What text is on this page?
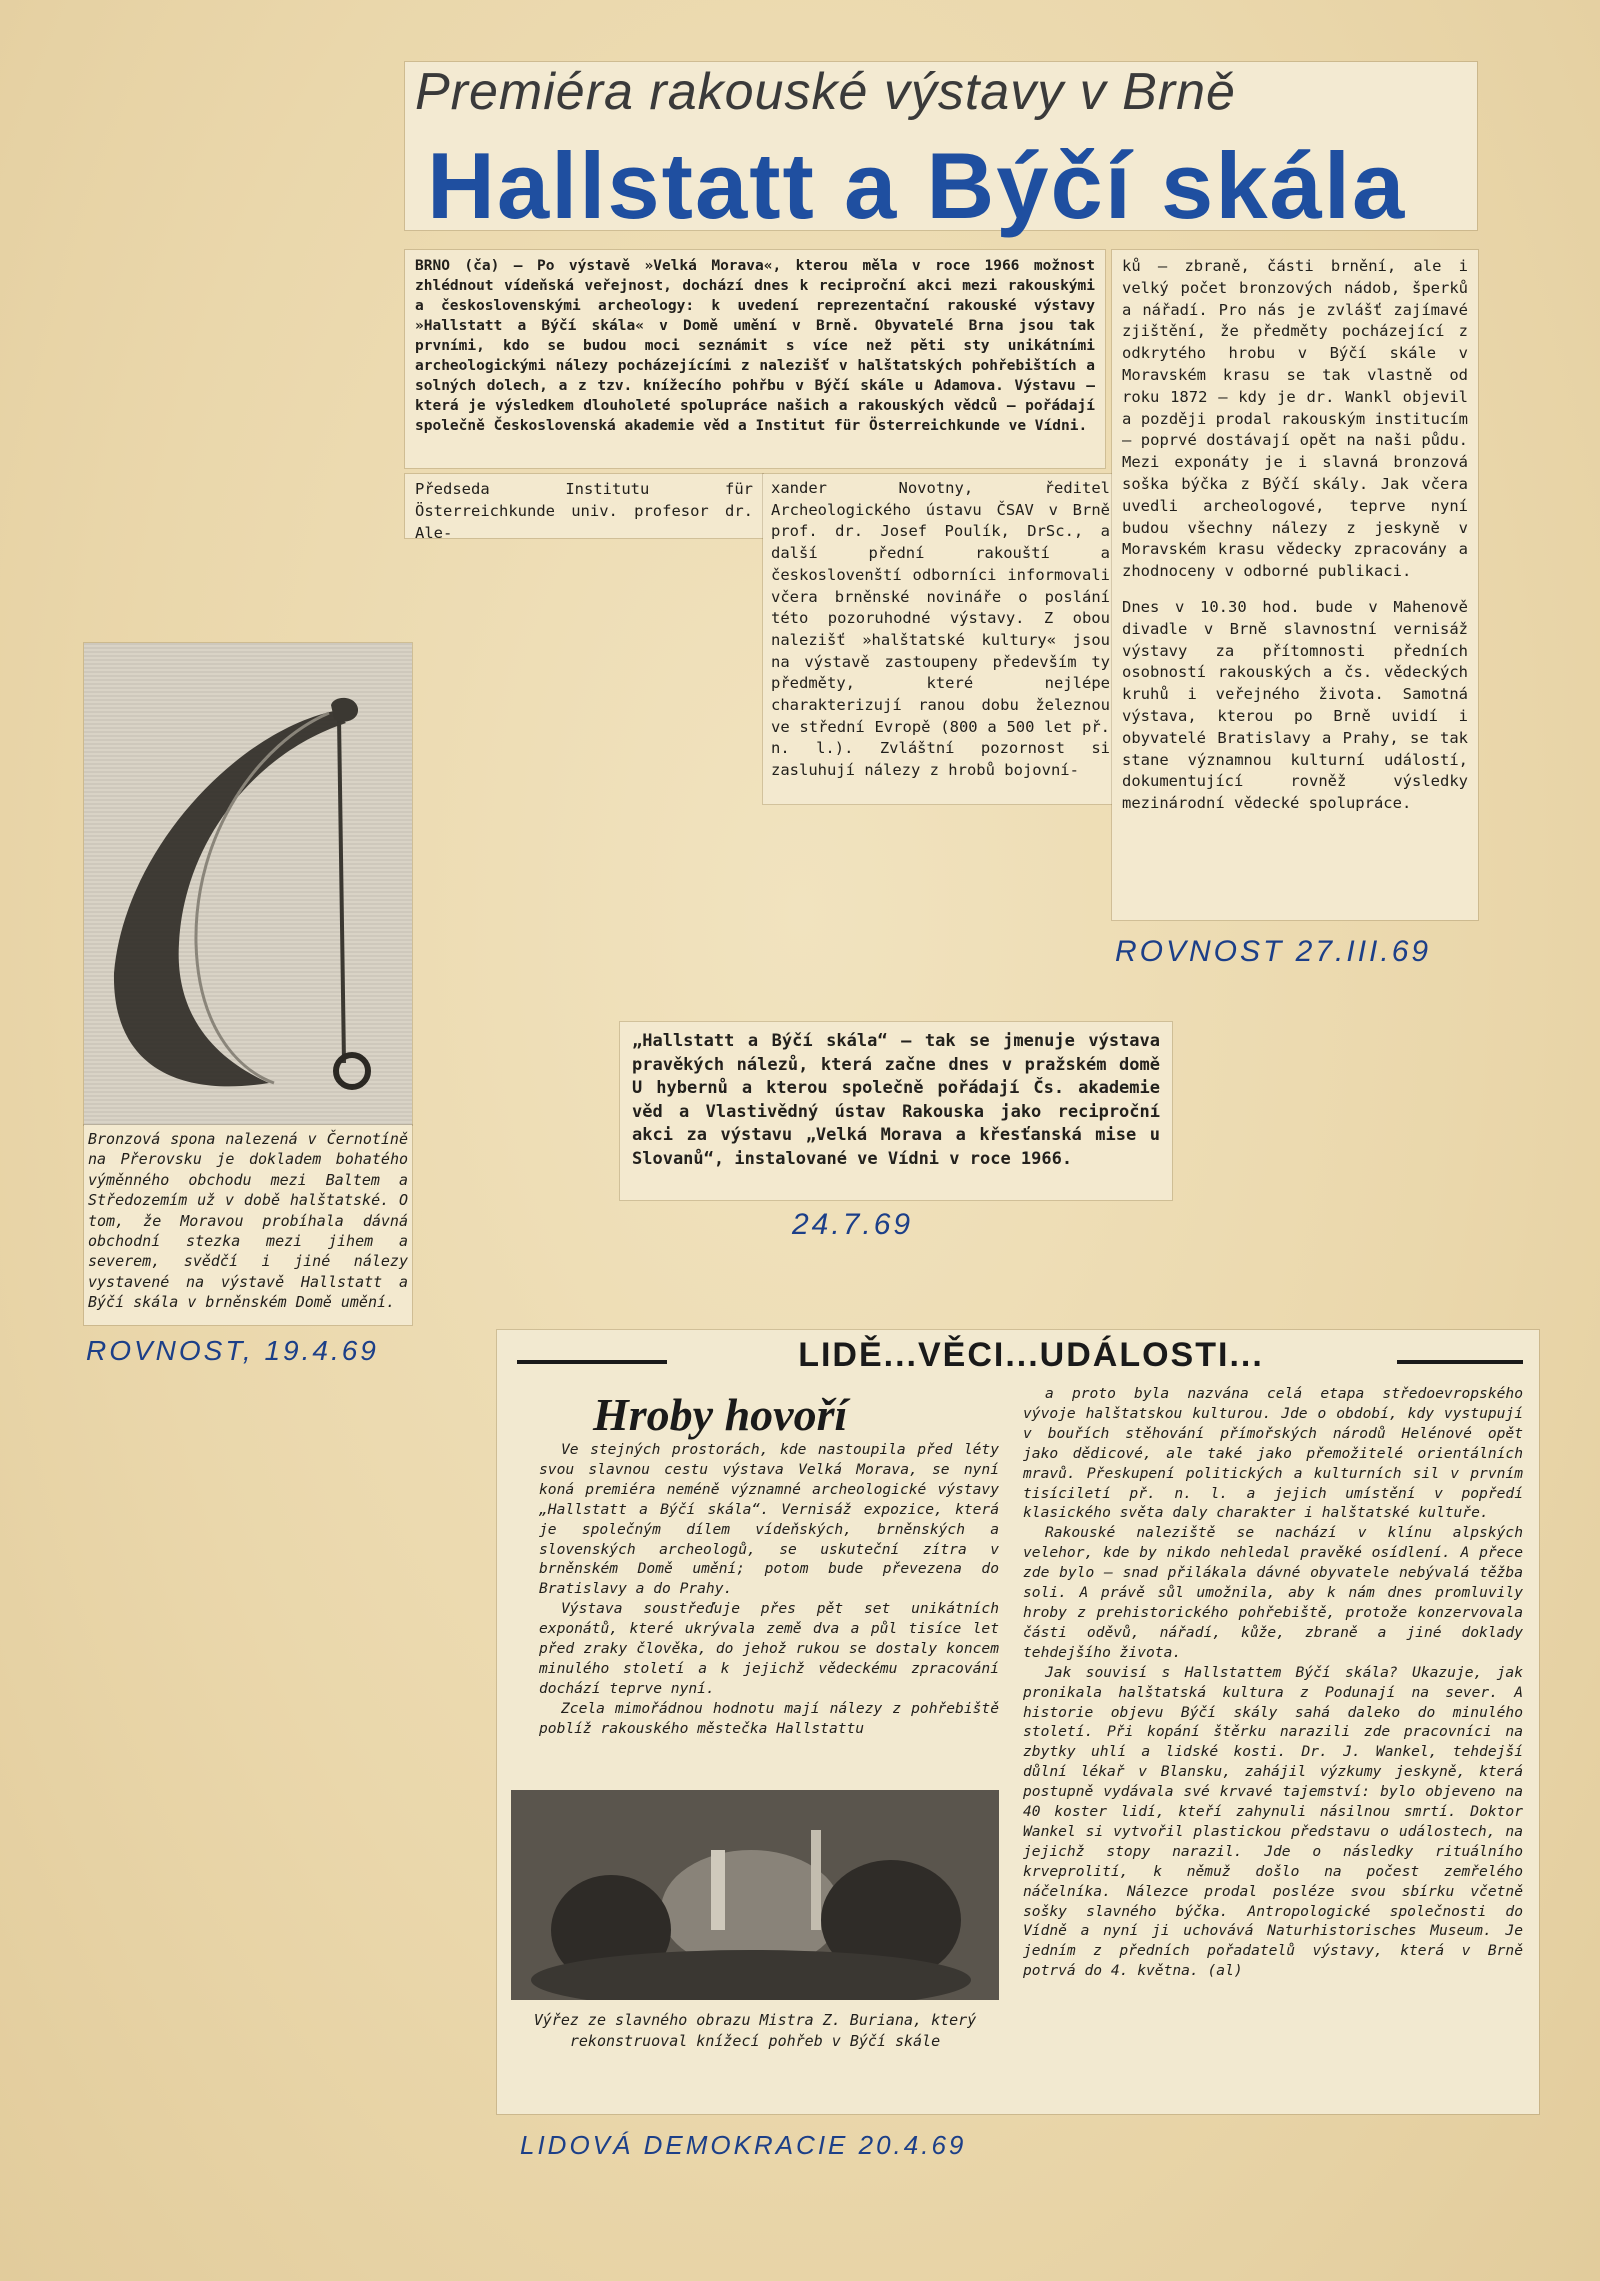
Premiéra rakouské výstavy v Brně
Hallstatt a Býčí skála

BRNO (ča) — Po výstavě »Velká Morava«, kterou měla v roce 1966 možnost zhlédnout vídeňská veřejnost, dochází dnes k reciproční akci mezi rakouskými a československými archeology: k uvedení reprezentační rakouské výstavy »Hallstatt a Býčí skála« v Domě umění v Brně. Obyvatelé Brna jsou tak prvními, kdo se budou moci seznámit s více než pěti sty unikátními archeologickými nálezy pocházejícími z nalezišť v halštatských pohřebištích a solných dolech, a z tzv. knížecího pohřbu v Býčí skále u Adamova. Výstavu — která je výsledkem dlouholeté spolupráce našich a rakouských vědců — pořádají společně Československá akademie věd a Institut für Österreichkunde ve Vídni.

Předseda Institutu für Österreichkunde univ. profesor dr. Ale-

xander Novotny, ředitel Archeologického ústavu ČSAV v Brně prof. dr. Josef Poulík, DrSc., a další přední rakouští a českoslovenští odborníci informovali včera brněnské novináře o poslání této pozoruhodné výstavy. Z obou nalezišť »halštatské kultury« jsou na výstavě zastoupeny především ty předměty, které nejlépe charakterizují ranou dobu železnou ve střední Evropě (800 a 500 let př. n. l.). Zvláštní pozornost si zasluhují nálezy z hrobů bojovní-

ků — zbraně, části brnění, ale i velký počet bronzových nádob, šperků a nářadí. Pro nás je zvlášť zajímavé zjištění, že předměty pocházející z odkrytého hrobu v Býčí skále v Moravském krasu se tak vlastně od roku 1872 — kdy je dr. Wankl objevil a později prodal rakouským institucím — poprvé dostávají opět na naši půdu. Mezi exponáty je i slavná bronzová soška býčka z Býčí skály. Jak včera uvedli archeologové, teprve nyní budou všechny nálezy z jeskyně v Moravském krasu vědecky zpracovány a zhodnoceny v odborné publikaci.

Dnes v 10.30 hod. bude v Mahenově divadle v Brně slavnostní vernisáž výstavy za přítomnosti předních osobností rakouských a čs. vědeckých kruhů i veřejného života. Samotná výstava, kterou po Brně uvidí i obyvatelé Bratislavy a Prahy, se tak stane významnou kulturní událostí, dokumentující rovněž výsledky mezinárodní vědecké spolupráce.

ROVNOST 27.III.69

Bronzová spona nalezená v Černotíně na Přerovsku je dokladem bohatého výměnného obchodu mezi Baltem a Středozemím už v době halštatské. O tom, že Moravou probíhala dávná obchodní stezka mezi jihem a severem, svědčí i jiné nálezy vystavené na výstavě Hallstatt a Býčí skála v brněnském Domě umění.

ROVNOST, 19.4.69

„Hallstatt a Býčí skála“ — tak se jmenuje výstava pravěkých nálezů, která začne dnes v pražském domě U hybernů a kterou společně pořádají Čs. akademie věd a Vlastivědný ústav Rakouska jako reciproční akci za výstavu „Velká Morava a křesťanská mise u Slovanů“, instalované ve Vídni v roce 1966.

24.7.69
LIDĚ...VĚCI...UDÁLOSTI...
Hroby hovoří

Ve stejných prostorách, kde nastoupila před léty svou slavnou cestu výstava Velká Morava, se nyní koná premiéra neméně významné archeologické výstavy „Hallstatt a Býčí skála“. Vernisáž expozice, která je společným dílem vídeňských, brněnských a slovenských archeologů, se uskuteční zítra v brněnském Domě umění; potom bude převezena do Bratislavy a do Prahy.

Výstava soustřeďuje přes pět set unikátních exponátů, které ukrývala země dva a půl tisíce let před zraky člověka, do jehož rukou se dostaly koncem minulého století a k jejichž vědeckému zpracování dochází teprve nyní.

Zcela mimořádnou hodnotu mají nálezy z pohřebiště poblíž rakouského městečka Hallstattu

Výřez ze slavného obrazu Mistra Z. Buriana, který rekonstruoval knížecí pohřeb v Býčí skále

a proto byla nazvána celá etapa středoevropského vývoje halštatskou kulturou. Jde o období, kdy vystupují v bouřích stěhování přímořských národů Helénové opět jako dědicové, ale také jako přemožitelé orientálních mravů. Přeskupení politických a kulturních sil v prvním tisíciletí př. n. l. a jejich umístění v popředí klasického světa daly charakter i halštatské kultuře.

Rakouské naleziště se nachází v klínu alpských velehor, kde by nikdo nehledal pravěké osídlení. A přece zde bylo — snad přilákala dávné obyvatele nebývalá těžba soli. A právě sůl umožnila, aby k nám dnes promluvily hroby z prehistorického pohřebiště, protože konzervovala části oděvů, nářadí, kůže, zbraně a jiné doklady tehdejšího života.

Jak souvisí s Hallstattem Býčí skála? Ukazuje, jak pronikala halštatská kultura z Podunají na sever. A historie objevu Býčí skály sahá daleko do minulého století. Při kopání štěrku narazili zde pracovníci na zbytky uhlí a lidské kosti. Dr. J. Wankel, tehdejší důlní lékař v Blansku, zahájil výzkumy jeskyně, která postupně vydávala své krvavé tajemství: bylo objeveno na 40 koster lidí, kteří zahynuli násilnou smrtí. Doktor Wankel si vytvořil plastickou představu o událostech, na jejichž stopy narazil. Jde o následky rituálního krveprolití, k němuž došlo na počest zemřelého náčelníka. Nálezce prodal posléze svou sbírku včetně sošky slavného býčka. Antropologické společnosti do Vídně a nyní ji uchovává Naturhistorisches Museum. Je jedním z předních pořadatelů výstavy, která v Brně potrvá do 4. května. (al)

LIDOVÁ DEMOKRACIE 20.4.69
